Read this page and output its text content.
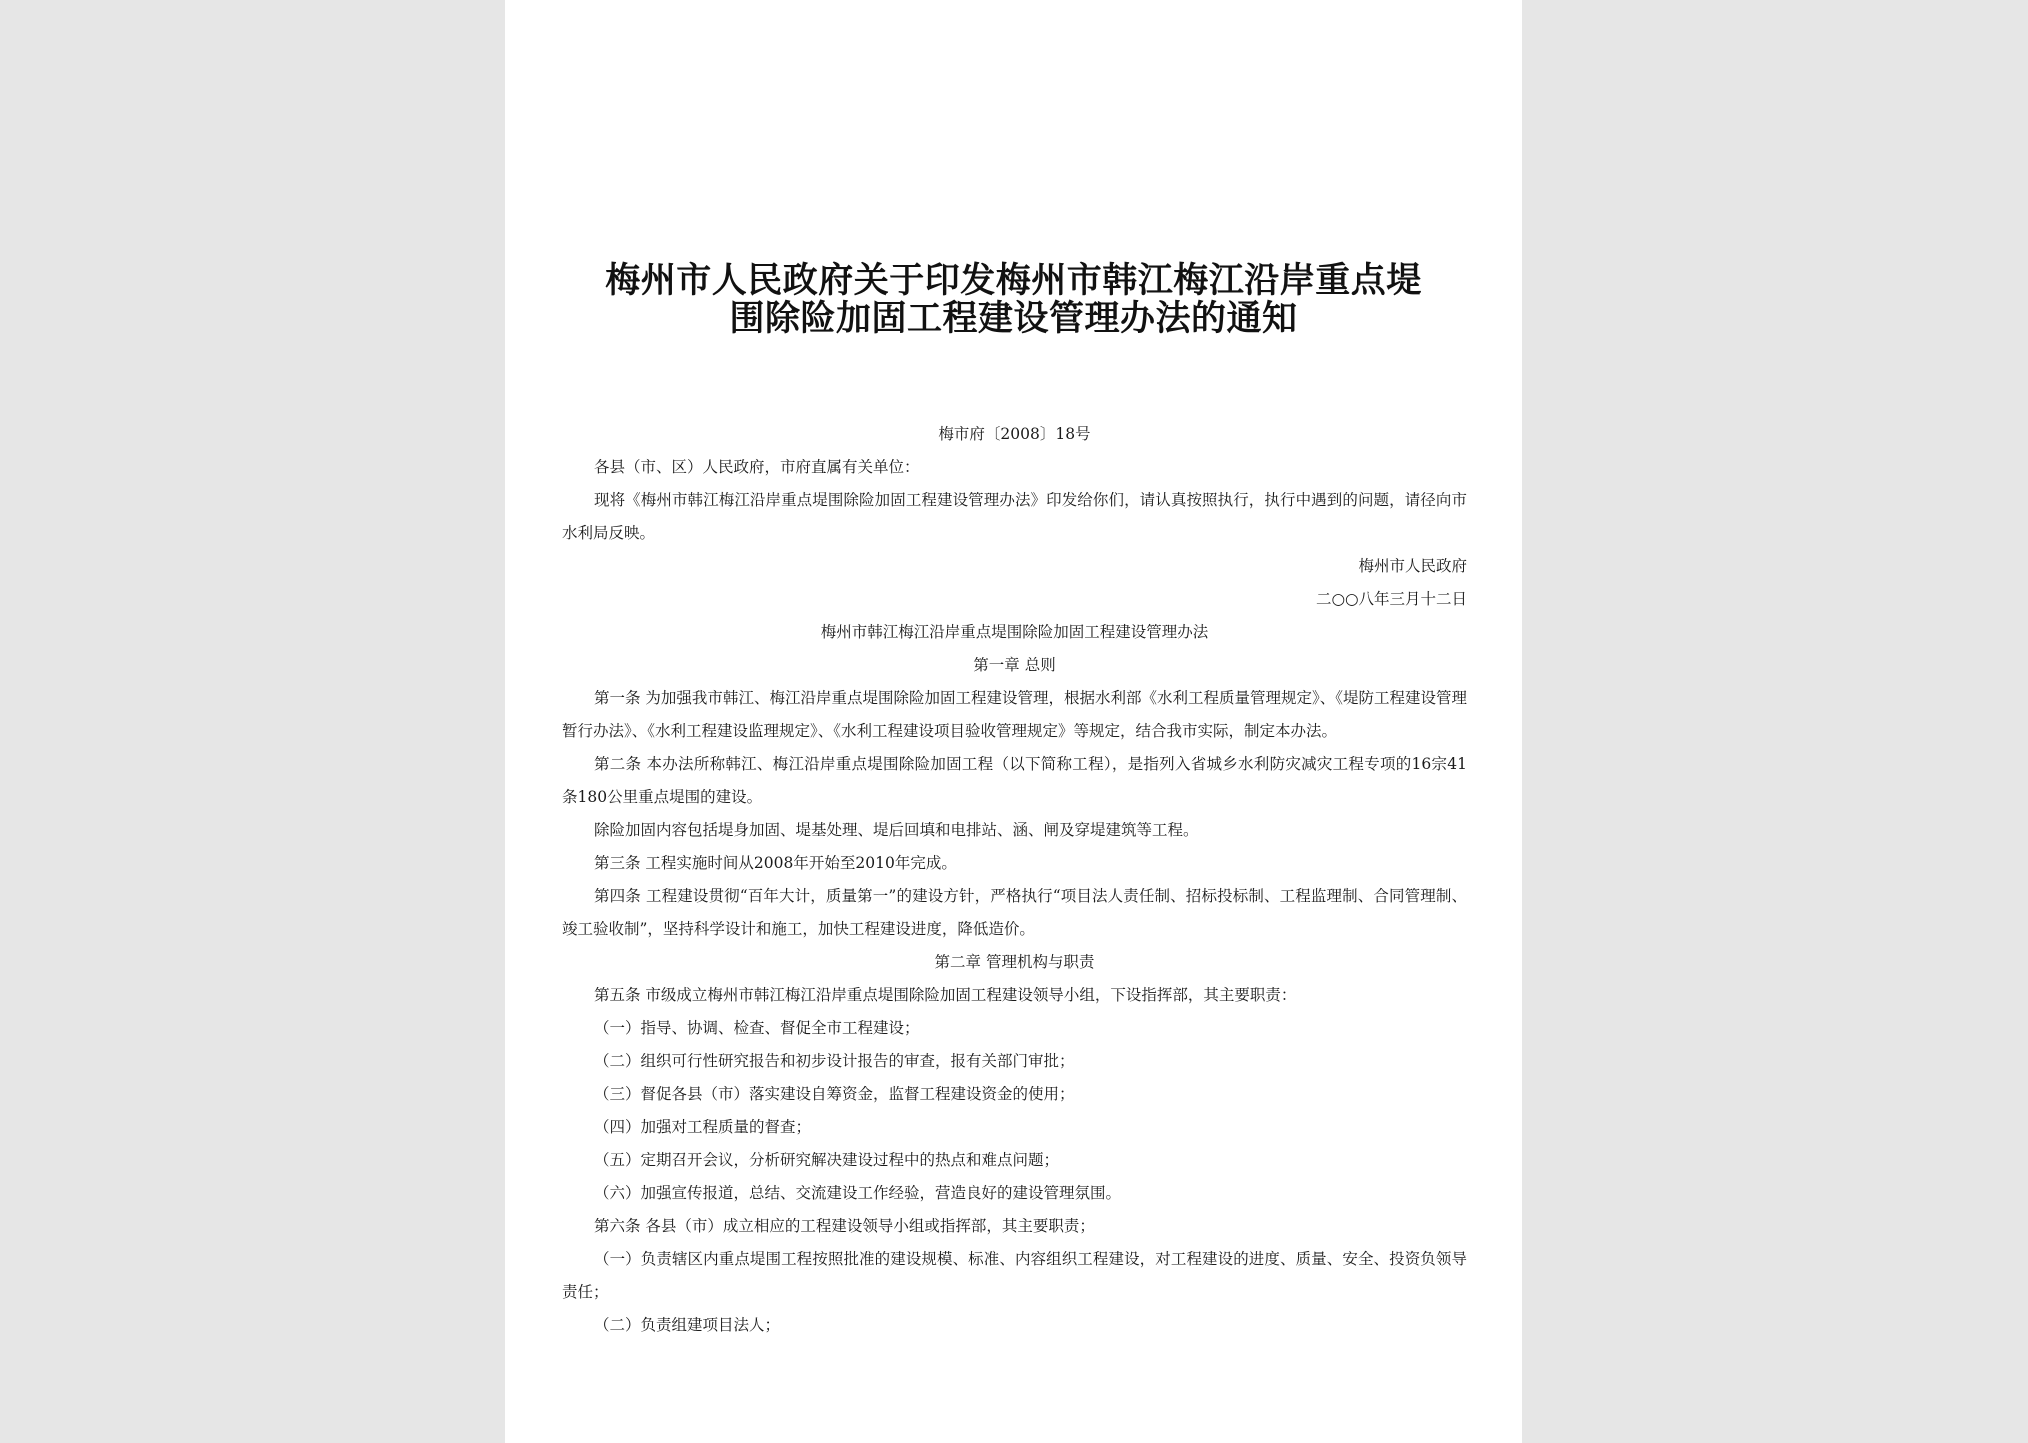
梅州市人民政府关于印发梅州市韩江梅江沿岸重点堤
围除险加固工程建设管理办法的通知

梅市府〔2008〕18号

各县（市、区）人民政府，市府直属有关单位：

现将《梅州市韩江梅江沿岸重点堤围除险加固工程建设管理办法》印发给你们，请认真按照执行，执行中遇到的问题，请径向市水利局反映。

梅州市人民政府

二○○八年三月十二日

梅州市韩江梅江沿岸重点堤围除险加固工程建设管理办法

第一章 总则

第一条 为加强我市韩江、梅江沿岸重点堤围除险加固工程建设管理，根据水利部《水利工程质量管理规定》、《堤防工程建设管理暂行办法》、《水利工程建设监理规定》、《水利工程建设项目验收管理规定》等规定，结合我市实际，制定本办法。

第二条 本办法所称韩江、梅江沿岸重点堤围除险加固工程（以下简称工程），是指列入省城乡水利防灾减灾工程专项的16宗41条180公里重点堤围的建设。

除险加固内容包括堤身加固、堤基处理、堤后回填和电排站、涵、闸及穿堤建筑等工程。

第三条 工程实施时间从2008年开始至2010年完成。

第四条 工程建设贯彻“百年大计，质量第一”的建设方针，严格执行“项目法人责任制、招标投标制、工程监理制、合同管理制、竣工验收制”，坚持科学设计和施工，加快工程建设进度，降低造价。

第二章 管理机构与职责

第五条 市级成立梅州市韩江梅江沿岸重点堤围除险加固工程建设领导小组，下设指挥部，其主要职责：

（一）指导、协调、检查、督促全市工程建设；

（二）组织可行性研究报告和初步设计报告的审查，报有关部门审批；

（三）督促各县（市）落实建设自筹资金，监督工程建设资金的使用；

（四）加强对工程质量的督查；

（五）定期召开会议，分析研究解决建设过程中的热点和难点问题；

（六）加强宣传报道，总结、交流建设工作经验，营造良好的建设管理氛围。

第六条 各县（市）成立相应的工程建设领导小组或指挥部，其主要职责；

（一）负责辖区内重点堤围工程按照批准的建设规模、标准、内容组织工程建设，对工程建设的进度、质量、安全、投资负领导责任；

（二）负责组建项目法人；
